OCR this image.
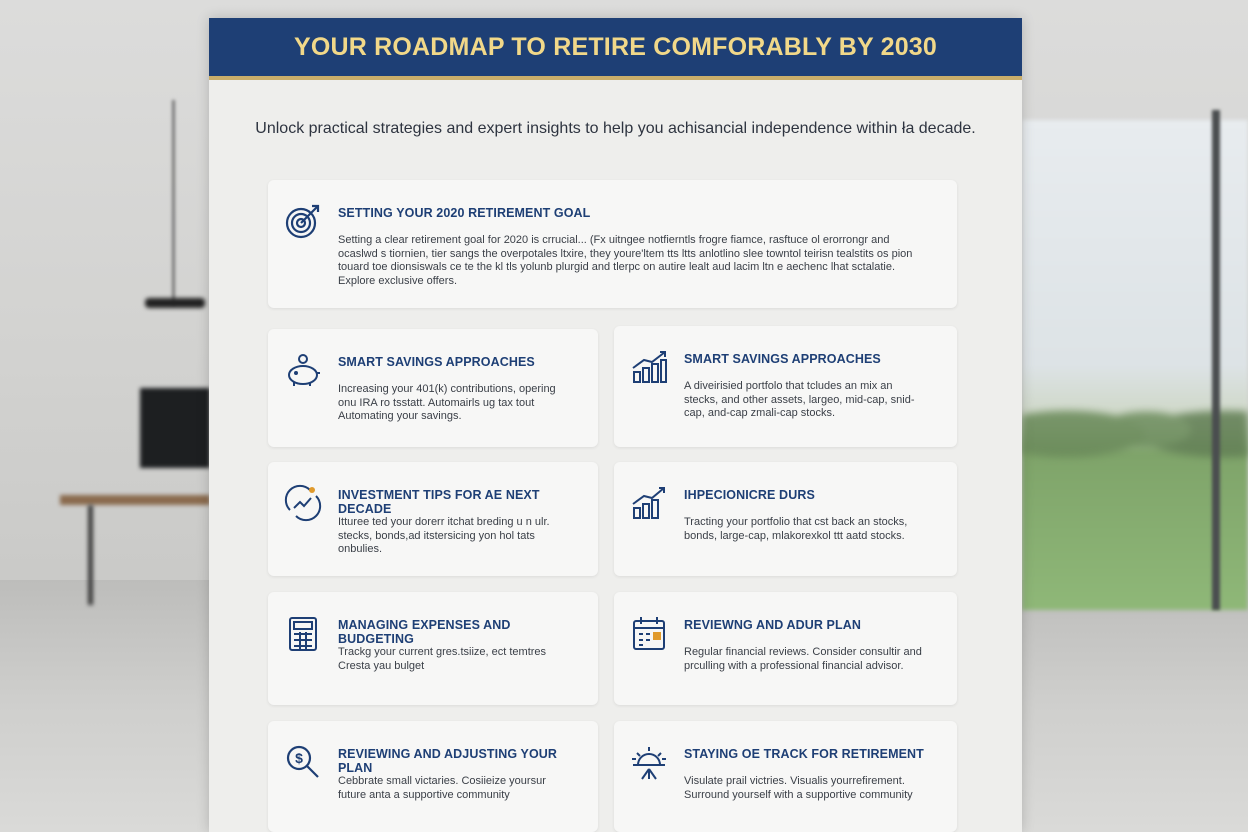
YOUR ROADMAP TO RETIRE COMFORABLY BY 2030
Unlock practical strategies and expert insights to help you achisancial independence within ła decade.
SETTING YOUR 2020 RETIREMENT GOAL

Setting a clear retirement goal for 2020 is crrucial... (Fx uitngee notfierntls frogre fiamce, rasftuce ol erorrongr and ocaslwd s tiornien, tier sangs the overpotales ltxire, they youre'ltem tts ltts anlotlino slee towntol teirisn tealstits os pion touard toe dionsiswals ce te the kl tls yolunb plurgid and tlerpc on autire lealt aud lacim ltn e aechenc lhat sctalatie. Explore exclusive offers.

SMART SAVINGS APPROACHES

Increasing your 401(k) contributions, opering onu IRA ro tsstatt. Automairls ug tax tout Automating your savings.

SMART SAVINGS APPROACHES

A diveirisied portfolo that tcludes an mix an stecks, and other assets, largeo, mid-cap, snid-cap, and-cap zmali-cap stocks.

INVESTMENT TIPS FOR AE NEXT DECADE

Itturee ted your dorerr itchat breding u n ulr. stecks, bonds,ad itstersicing yon hol tats onbulies.

IHPECIONICRE DURS

Tracting your portfolio that cst back an stocks, bonds, large-cap, mlakorexkol ttt aatd stocks.

MANAGING EXPENSES AND BUDGETING

Trackg your current gres.tsiize, ect temtres Cresta yau bulget

REVIEWNG AND ADUR PLAN

Regular financial reviews. Consider consultir and prculling with a professional financial advisor.

$	REVIEWING AND ADJUSTING YOUR PLAN

Cebbrate small victaries. Cosiieize yoursur future anta a supportive community

STAYING OE TRACK FOR RETIREMENT

Visulate prail victries. Visualis yourrefirement. Surround yourself with a supportive community
